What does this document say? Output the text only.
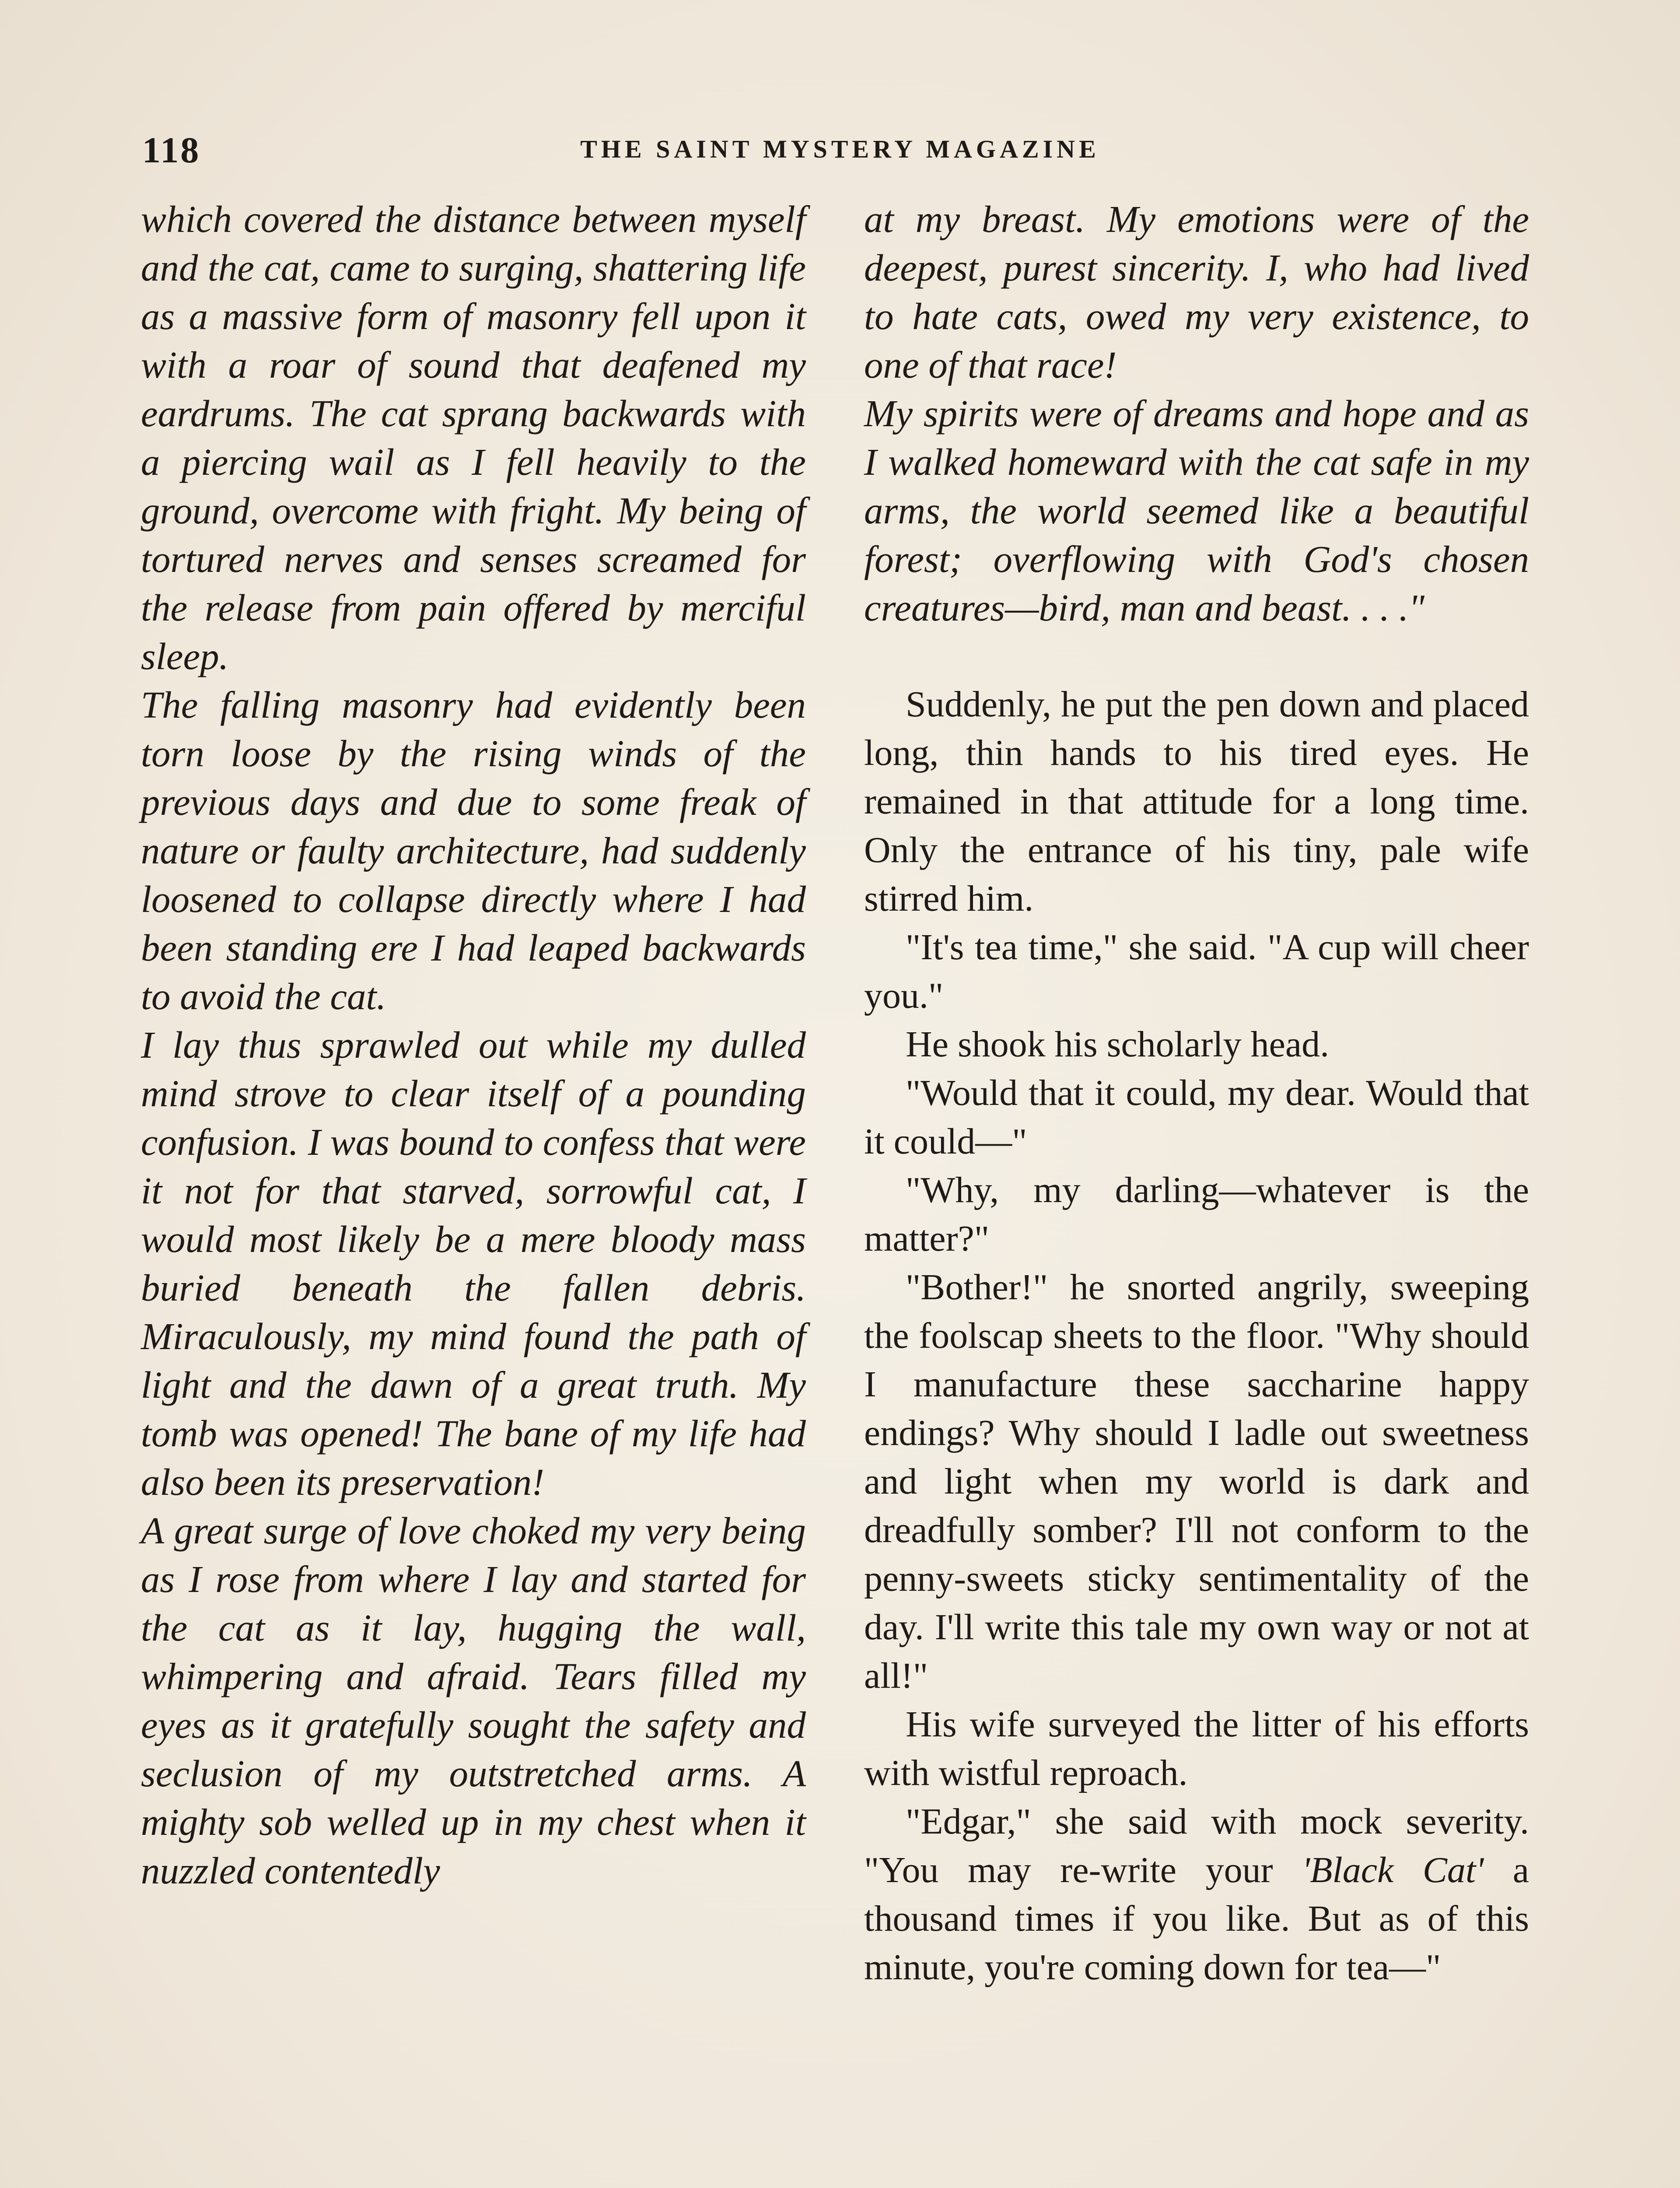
118	THE SAINT MYSTERY MAGAZINE

which covered the distance between myself and the cat, came to surging, shattering life as a massive form of masonry fell upon it with a roar of sound that deafened my eardrums. The cat sprang backwards with a piercing wail as I fell heavily to the ground, overcome with fright. My being of tortured nerves and senses screamed for the release from pain offered by merciful sleep.

The falling masonry had evidently been torn loose by the rising winds of the previous days and due to some freak of nature or faulty architecture, had suddenly loosened to collapse directly where I had been standing ere I had leaped backwards to avoid the cat.

I lay thus sprawled out while my dulled mind strove to clear itself of a pounding confusion. I was bound to confess that were it not for that starved, sorrowful cat, I would most likely be a mere bloody mass buried beneath the fallen debris. Miraculously, my mind found the path of light and the dawn of a great truth. My tomb was opened! The bane of my life had also been its preservation!

A great surge of love choked my very being as I rose from where I lay and started for the cat as it lay, hugging the wall, whimpering and afraid. Tears filled my eyes as it gratefully sought the safety and seclusion of my outstretched arms. A mighty sob welled up in my chest when it nuzzled contentedly

at my breast. My emotions were of the deepest, purest sincerity. I, who had lived to hate cats, owed my very existence, to one of that race!

My spirits were of dreams and hope and as I walked homeward with the cat safe in my arms, the world seemed like a beautiful forest; overflowing with God's chosen creatures—bird, man and beast. . . ."

Suddenly, he put the pen down and placed long, thin hands to his tired eyes. He remained in that attitude for a long time. Only the entrance of his tiny, pale wife stirred him.

"It's tea time," she said. "A cup will cheer you."

He shook his scholarly head.

"Would that it could, my dear. Would that it could—"

"Why, my darling—whatever is the matter?"

"Bother!" he snorted angrily, sweeping the foolscap sheets to the floor. "Why should I manufacture these saccharine happy endings? Why should I ladle out sweetness and light when my world is dark and dreadfully somber? I'll not conform to the penny-sweets sticky sentimentality of the day. I'll write this tale my own way or not at all!"

His wife surveyed the litter of his efforts with wistful reproach.

"Edgar," she said with mock severity. "You may re-write your 'Black Cat' a thousand times if you like. But as of this minute, you're coming down for tea—"
